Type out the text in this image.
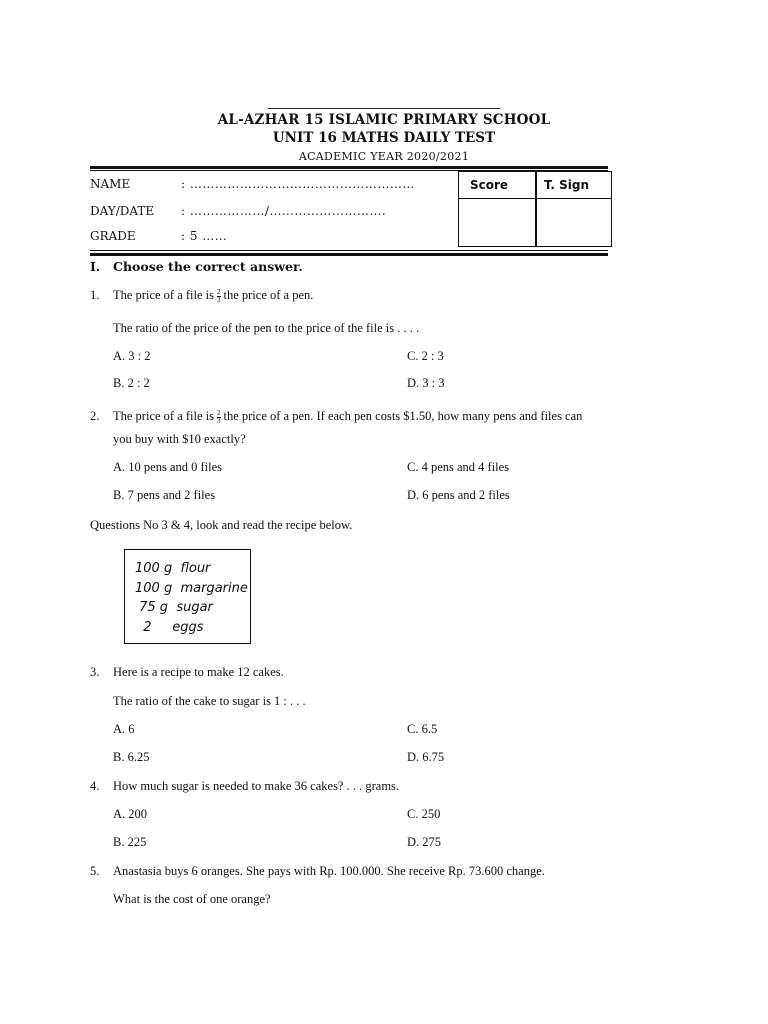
AL-AZHAR 15 ISLAMIC PRIMARY SCHOOL
UNIT 16 MATHS DAILY TEST
ACADEMIC YEAR 2020/2021
NAME	: ………………………………………………
DAY/DATE : ………………/……………………….
GRADE	: 5 ……
Score	T. Sign
I. Choose the correct answer.
1. The price of a file is $\frac{2}{3}$ the price of a pen.
The ratio of the price of the pen to the price of the file is . . . .
A. 3 : 2	C. 2 : 3
B. 2 : 2	D. 3 : 3
2. The price of a file is $\frac{2}{3}$ the price of a pen. If each pen costs $1.50, how many pens and files can
you buy with $10 exactly?
A. 10 pens and 0 files	C. 4 pens and 4 files
B. 7 pens and 2 files	D. 6 pens and 2 files
Questions No 3 & 4, look and read the recipe below.
100 g  flour
100 g  margarine
75 g  sugar
2     eggs
3. Here is a recipe to make 12 cakes.
The ratio of the cake to sugar is 1 : . . .
A. 6	C. 6.5
B. 6.25	D. 6.75
4. How much sugar is needed to make 36 cakes? . . . grams.
A. 200	C. 250
B. 225	D. 275
5. Anastasia buys 6 oranges. She pays with Rp. 100.000. She receive Rp. 73.600 change.
What is the cost of one orange?
